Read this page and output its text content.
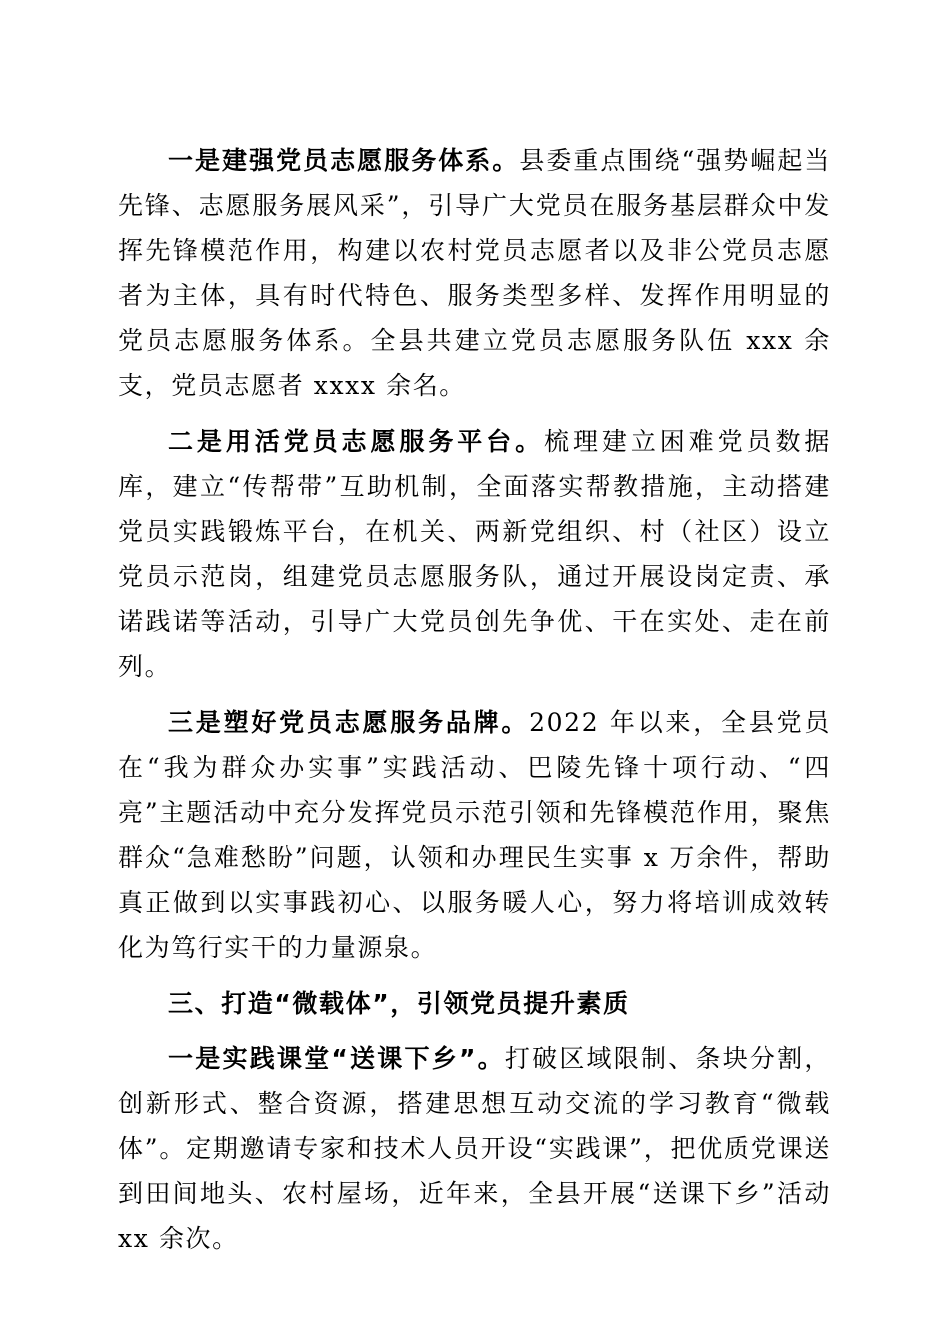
一是建强党员志愿服务体系。县委重点围绕“强势崛起当先锋、志愿服务展风采”，引导广大党员在服务基层群众中发挥先锋模范作用，构建以农村党员志愿者以及非公党员志愿者为主体，具有时代特色、服务类型多样、发挥作用明显的党员志愿服务体系。全县共建立党员志愿服务队伍 xxx 余支，党员志愿者 xxxx 余名。

二是用活党员志愿服务平台。梳理建立困难党员数据库，建立“传帮带”互助机制，全面落实帮教措施，主动搭建党员实践锻炼平台，在机关、两新党组织、村（社区）设立党员示范岗，组建党员志愿服务队，通过开展设岗定责、承诺践诺等活动，引导广大党员创先争优、干在实处、走在前列。

三是塑好党员志愿服务品牌。2022 年以来，全县党员在“我为群众办实事”实践活动、巴陵先锋十项行动、“四亮”主题活动中充分发挥党员示范引领和先锋模范作用，聚焦群众“急难愁盼”问题，认领和办理民生实事 x 万余件，帮助真正做到以实事践初心、以服务暖人心，努力将培训成效转化为笃行实干的力量源泉。

三、打造“微载体”，引领党员提升素质

一是实践课堂“送课下乡”。打破区域限制、条块分割，创新形式、整合资源，搭建思想互动交流的学习教育“微载体”。定期邀请专家和技术人员开设“实践课”，把优质党课送到田间地头、农村屋场，近年来，全县开展“送课下乡”活动 xx 余次。
